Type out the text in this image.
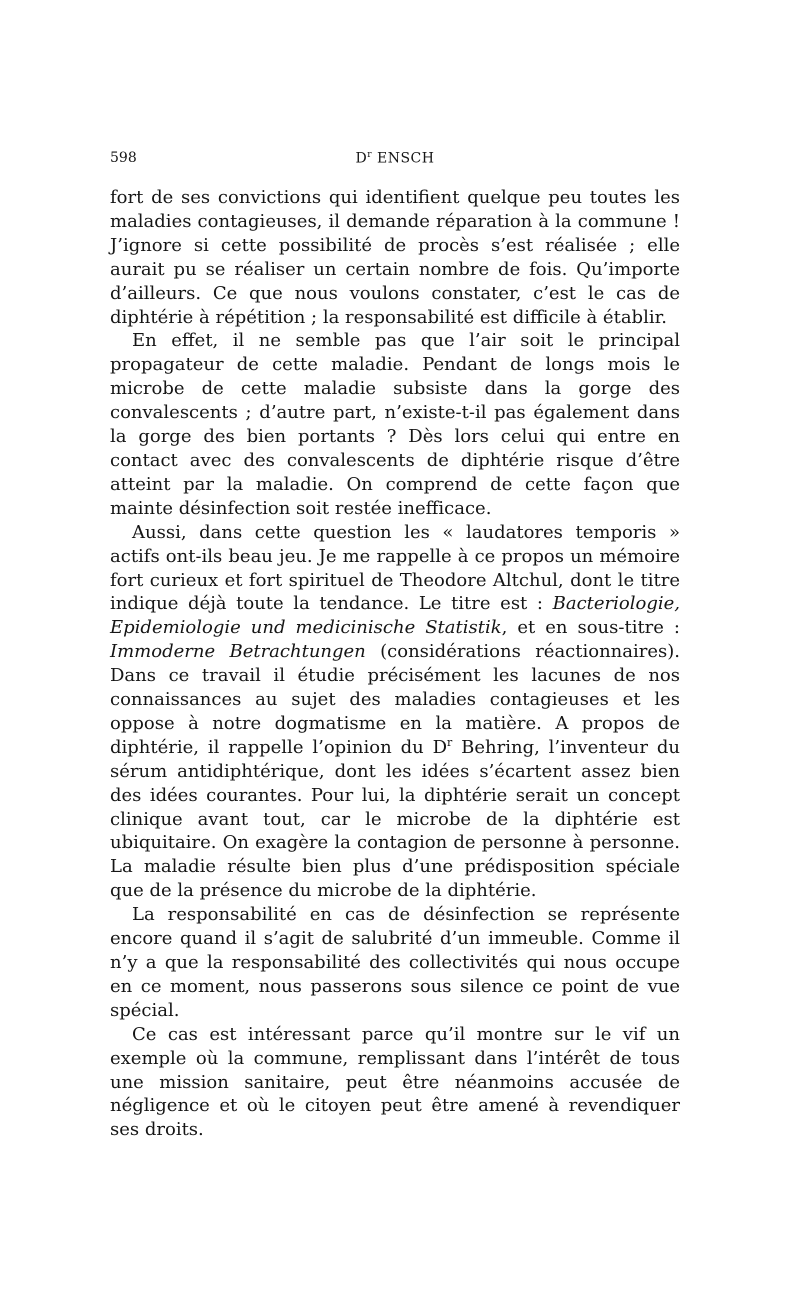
598	$D^r$ ENSCH

fort de ses convictions qui identifient quelque peu toutes les maladies contagieuses, il demande réparation à la commune ! J’ignore si cette possibilité de procès s’est réalisée ; elle aurait pu se réaliser un certain nombre de fois. Qu’importe d’ailleurs. Ce que nous voulons constater, c’est le cas de diphtérie à répétition ; la responsabilité est difficile à établir.

En effet, il ne semble pas que l’air soit le principal propagateur de cette maladie. Pendant de longs mois le microbe de cette maladie subsiste dans la gorge des convalescents ; d’autre part, n’existe-t-il pas également dans la gorge des bien portants ? Dès lors celui qui entre en contact avec des convalescents de diphtérie risque d’être atteint par la maladie. On comprend de cette façon que mainte désinfection soit restée inefficace.

Aussi, dans cette question les « laudatores temporis » actifs ont-ils beau jeu. Je me rappelle à ce propos un mémoire fort curieux et fort spirituel de Theodore Altchul, dont le titre indique déjà toute la tendance. Le titre est : Bacteriologie, Epidemiologie und medicinische Statistik, et en sous-titre : Immoderne Betrachtungen (considérations réactionnaires). Dans ce travail il étudie précisément les lacunes de nos connaissances au sujet des maladies contagieuses et les oppose à notre dogmatisme en la matière. A propos de diphtérie, il rappelle l’opinion du $D^r$ Behring, l’inventeur du sérum antidiphtérique, dont les idées s’écartent assez bien des idées courantes. Pour lui, la diphtérie serait un concept clinique avant tout, car le microbe de la diphtérie est ubiquitaire. On exagère la contagion de personne à personne. La maladie résulte bien plus d’une prédisposition spéciale que de la présence du microbe de la diphtérie.

La responsabilité en cas de désinfection se représente encore quand il s’agit de salubrité d’un immeuble. Comme il n’y a que la responsabilité des collectivités qui nous occupe en ce moment, nous passerons sous silence ce point de vue spécial.

Ce cas est intéressant parce qu’il montre sur le vif un exemple où la commune, remplissant dans l’intérêt de tous une mission sanitaire, peut être néanmoins accusée de négligence et où le citoyen peut être amené à revendiquer ses droits.
